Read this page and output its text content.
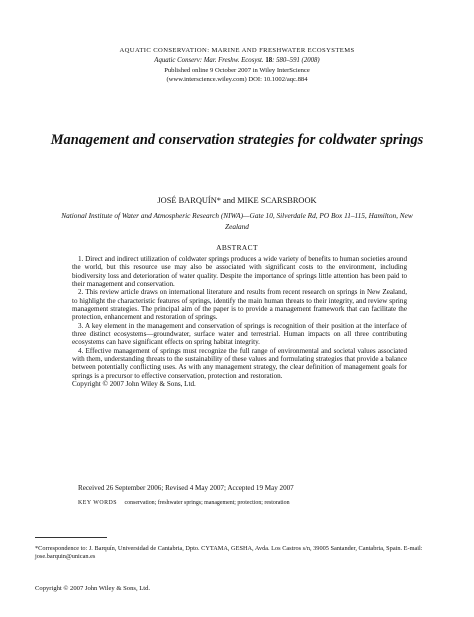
AQUATIC CONSERVATION: MARINE AND FRESHWATER ECOSYSTEMS
Aquatic Conserv: Mar. Freshw. Ecosyst. 18: 580–591 (2008)
Published online 9 October 2007 in Wiley InterScience
(www.interscience.wiley.com) DOI: 10.1002/aqc.884
Management and conservation strategies for coldwater springs
JOSÉ BARQUÍN* and MIKE SCARSBROOK
National Institute of Water and Atmospheric Research (NIWA)—Gate 10, Silverdale Rd, PO Box 11–115, Hamilton, New Zealand
ABSTRACT

1. Direct and indirect utilization of coldwater springs produces a wide variety of benefits to human societies around the world, but this resource use may also be associated with significant costs to the environment, including biodiversity loss and deterioration of water quality. Despite the importance of springs little attention has been paid to their management and conservation.

2. This review article draws on international literature and results from recent research on springs in New Zealand, to highlight the characteristic features of springs, identify the main human threats to their integrity, and review spring management strategies. The principal aim of the paper is to provide a management framework that can facilitate the protection, enhancement and restoration of springs.

3. A key element in the management and conservation of springs is recognition of their position at the interface of three distinct ecosystems—groundwater, surface water and terrestrial. Human impacts on all three contributing ecosystems can have significant effects on spring habitat integrity.

4. Effective management of springs must recognize the full range of environmental and societal values associated with them, understanding threats to the sustainability of these values and formulating strategies that provide a balance between potentially conflicting uses. As with any management strategy, the clear definition of management goals for springs is a precursor to effective conservation, protection and restoration.

Copyright © 2007 John Wiley & Sons, Ltd.

Received 26 September 2006; Revised 4 May 2007; Accepted 19 May 2007
KEY WORDS conservation; freshwater springs; management; protection; restoration
*Correspondence to: J. Barquín, Universidad de Cantabria, Dpto. CYTAMA, GESHA, Avda. Los Castros s/n, 39005 Santander, Cantabria, Spain. E-mail: jose.barquin@unican.es
Copyright © 2007 John Wiley & Sons, Ltd.
